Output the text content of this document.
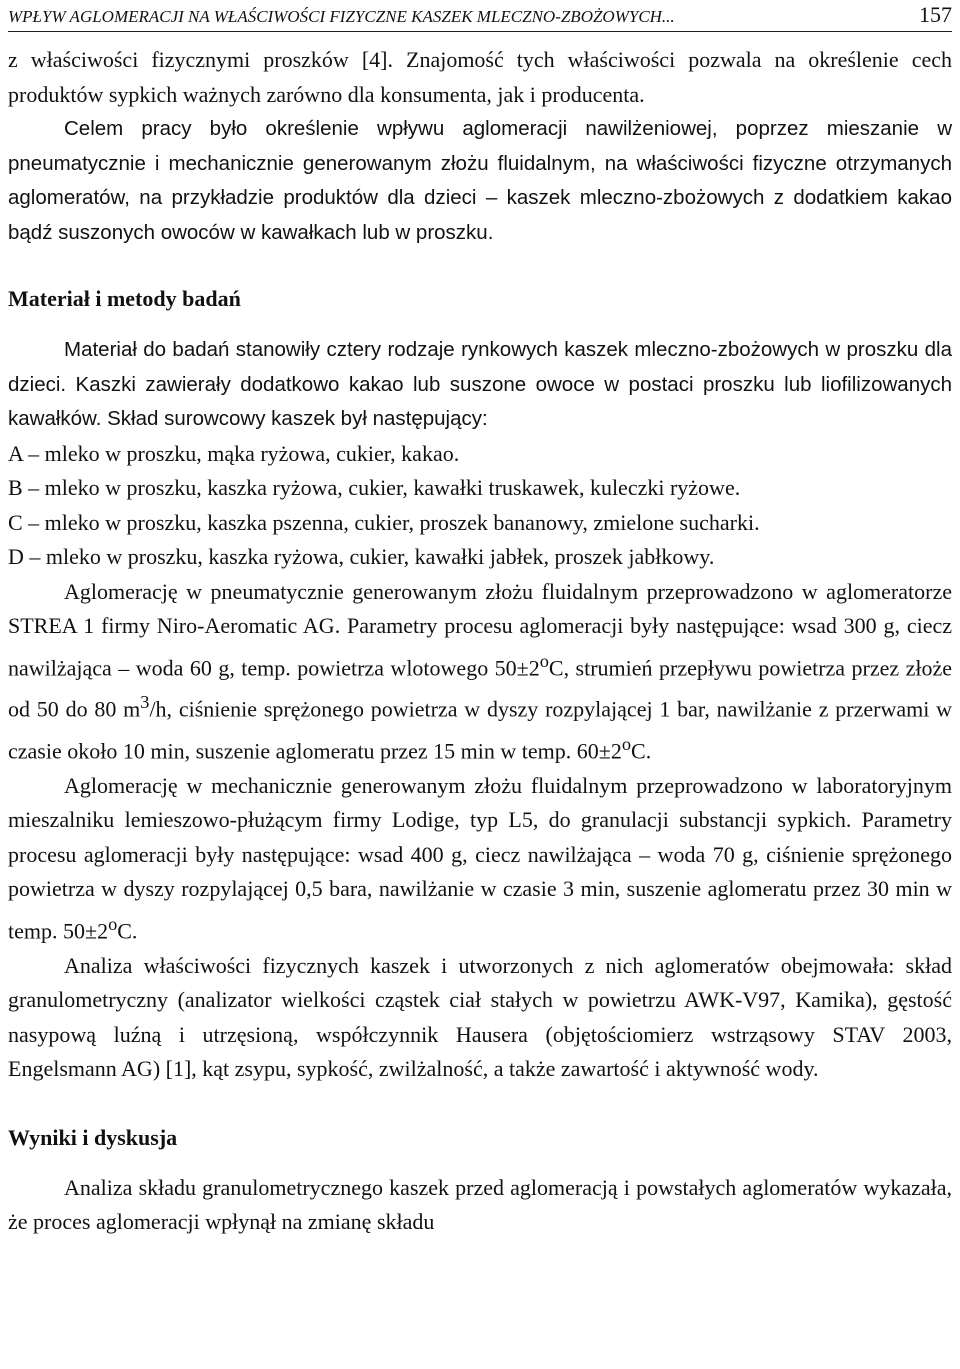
WPŁYW AGLOMERACJI NA WŁAŚCIWOŚCI FIZYCZNE KASZEK MLECZNO-ZBOŻOWYCH...	157

z właściwości fizycznymi proszków [4]. Znajomość tych właściwości pozwala na określenie cech produktów sypkich ważnych zarówno dla konsumenta, jak i producenta.

Celem pracy było określenie wpływu aglomeracji nawilżeniowej, poprzez mieszanie w pneumatycznie i mechanicznie generowanym złożu fluidalnym, na właściwości fizyczne otrzymanych aglomeratów, na przykładzie produktów dla dzieci – kaszek mleczno-zbożowych z dodatkiem kakao bądź suszonych owoców w kawałkach lub w proszku.

Materiał i metody badań

Materiał do badań stanowiły cztery rodzaje rynkowych kaszek mleczno-zbożowych w proszku dla dzieci. Kaszki zawierały dodatkowo kakao lub suszone owoce w postaci proszku lub liofilizowanych kawałków. Skład surowcowy kaszek był następujący:

A – mleko w proszku, mąka ryżowa, cukier, kakao.

B – mleko w proszku, kaszka ryżowa, cukier, kawałki truskawek, kuleczki ryżowe.

C – mleko w proszku, kaszka pszenna, cukier, proszek bananowy, zmielone sucharki.

D – mleko w proszku, kaszka ryżowa, cukier, kawałki jabłek, proszek jabłkowy.

Aglomerację w pneumatycznie generowanym złożu fluidalnym przeprowadzono w aglomeratorze STREA 1 firmy Niro-Aeromatic AG. Parametry procesu aglomeracji były następujące: wsad 300 g, ciecz nawilżająca – woda 60 g, temp. powietrza wlotowego $50\pm 2^oC$, strumień przepływu powietrza przez złoże od 50 do 80 $m^3/h$, ciśnienie sprężonego powietrza w dyszy rozpylającej 1 bar, nawilżanie z przerwami w czasie około 10 min, suszenie aglomeratu przez 15 min w temp. $60\pm 2^oC$.

Aglomerację w mechanicznie generowanym złożu fluidalnym przeprowadzono w laboratoryjnym mieszalniku lemieszowo-płużącym firmy Lodige, typ L5, do granulacji substancji sypkich. Parametry procesu aglomeracji były następujące: wsad 400 g, ciecz nawilżająca – woda 70 g, ciśnienie sprężonego powietrza w dyszy rozpylającej 0,5 bara, nawilżanie w czasie 3 min, suszenie aglomeratu przez 30 min w temp. $50\pm 2^oC$.

Analiza właściwości fizycznych kaszek i utworzonych z nich aglomeratów obejmowała: skład granulometryczny (analizator wielkości cząstek ciał stałych w powietrzu AWK-V97, Kamika), gęstość nasypową luźną i utrzęsioną, współczynnik Hausera (objętościomierz wstrząsowy STAV 2003, Engelsmann AG) [1], kąt zsypu, sypkość, zwilżalność, a także zawartość i aktywność wody.

Wyniki i dyskusja

Analiza składu granulometrycznego kaszek przed aglomeracją i powstałych aglomeratów wykazała, że proces aglomeracji wpłynął na zmianę składu
